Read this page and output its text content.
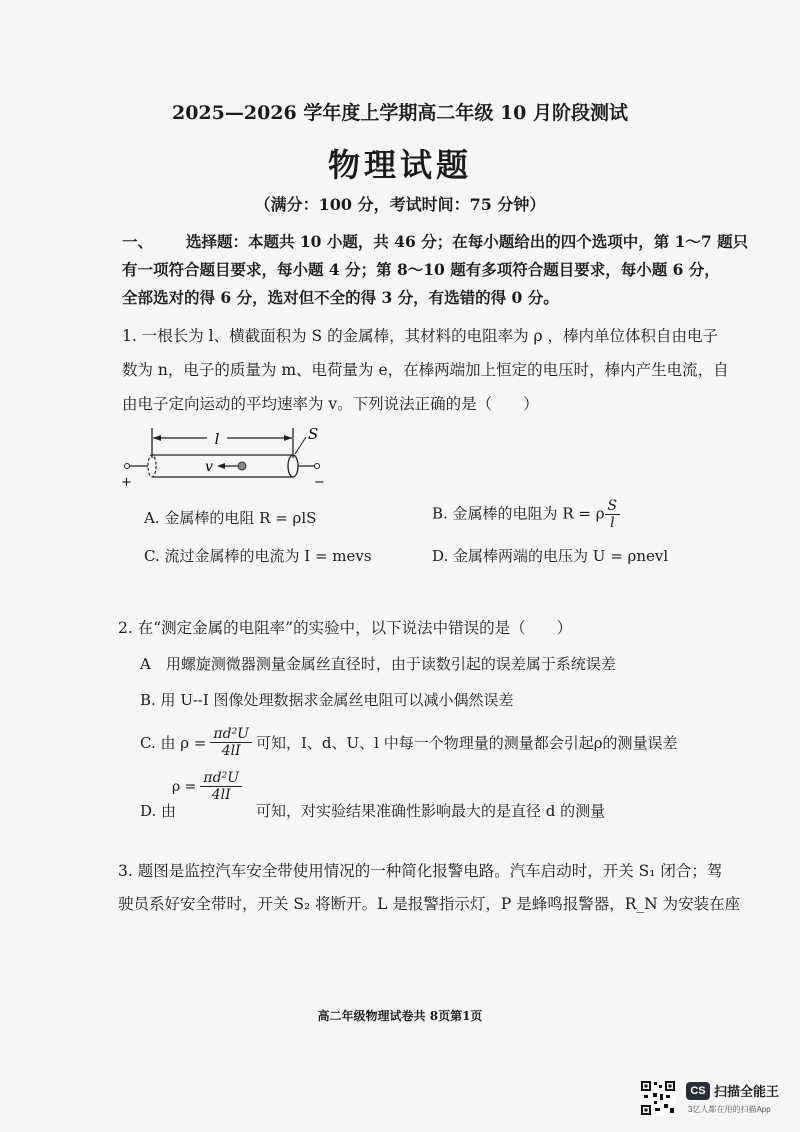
2025—2026 学年度上学期高二年级 10 月阶段测试
物理试题
（满分：100 分，考试时间：75 分钟）
一、 选择题：本题共 10 小题，共 46 分；在每小题给出的四个选项中，第 1～7 题只
有一项符合题目要求，每小题 4 分；第 8～10 题有多项符合题目要求，每小题 6 分，
全部选对的得 6 分，选对但不全的得 3 分，有选错的得 0 分。
1. 一根长为 l、横截面积为 S 的金属棒，其材料的电阻率为 ρ ，棒内单位体积自由电子
数为 n，电子的质量为 m、电荷量为 e，在棒两端加上恒定的电压时，棒内产生电流，自
由电子定向运动的平均速率为 v。下列说法正确的是（　　）
l	S
+	−
v
A. 金属棒的电阻 R = ρlS	B. 金属棒的电阻为 R = ρ $\frac{S}{l}$
C. 流过金属棒的电流为 I = mevs	D. 金属棒两端的电压为 U = ρnevl
2. 在“测定金属的电阻率”的实验中，以下说法中错误的是（　　）
A　用螺旋测微器测量金属丝直径时，由于读数引起的误差属于系统误差
B. 用 U--I 图像处理数据求金属丝电阻可以减小偶然误差
C. 由 $\rho = \frac{\text{πd²U}}{4lI}$ 可知，I、d、U、l 中每一个物理量的测量都会引起ρ的测量误差
$\rho = \frac{\text{πd²U}}{4lI}$
D. 由	可知，对实验结果准确性影响最大的是直径 d 的测量
3. 题图是监控汽车安全带使用情况的一种简化报警电路。汽车启动时，开关 S₁ 闭合；驾
驶员系好安全带时，开关 S₂ 将断开。L 是报警指示灯，P 是蜂鸣报警器，R_N 为安装在座
高二年级物理试卷共 8页第1页
CS 扫描全能王
3亿人都在用的扫描App
